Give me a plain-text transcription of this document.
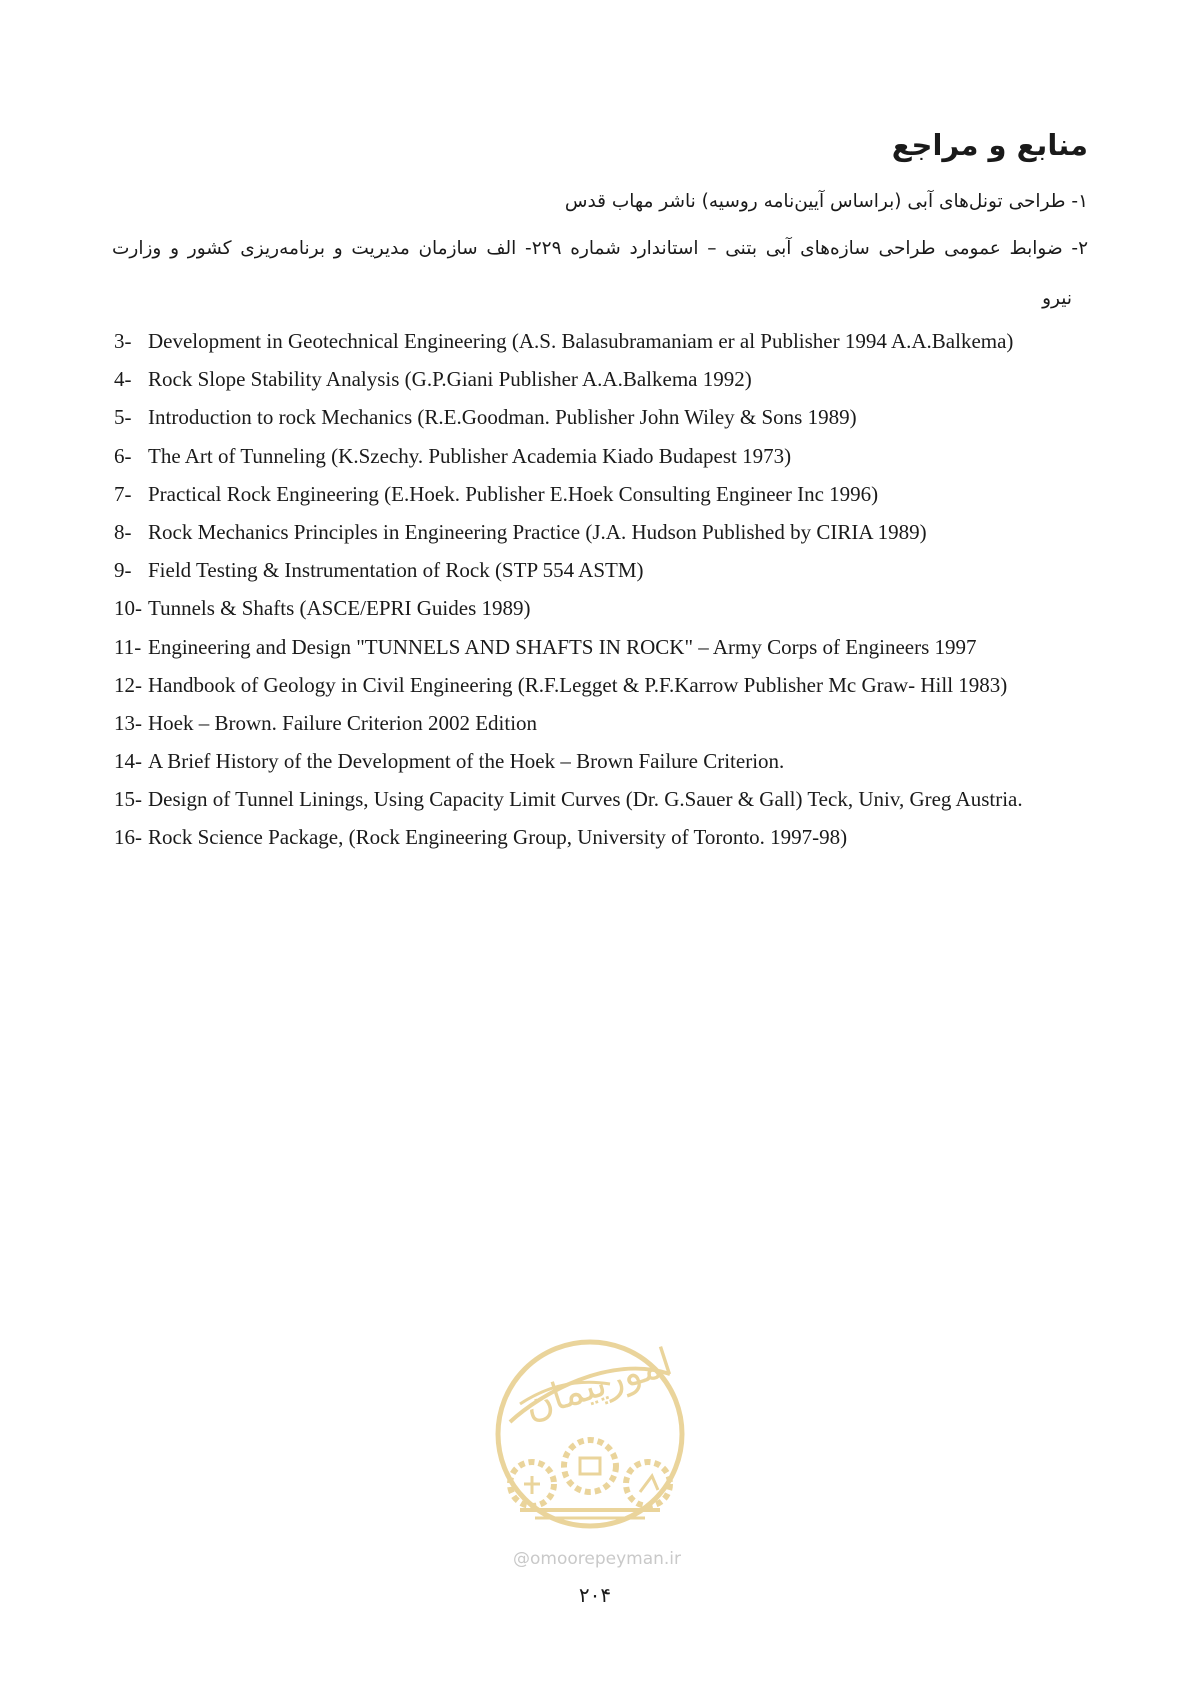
منابع و مراجع
۱- طراحی تونل‌های آبی (براساس آیین‌نامه روسیه) ناشر مهاب قدس
۲- ضوابط عمومی طراحی سازه‌های آبی بتنی – استاندارد شماره ۲۲۹- الف سازمان مدیریت و برنامه‌ریزی کشور و وزارت
نیرو
3- Development in Geotechnical Engineering (A.S. Balasubramaniam er al Publisher 1994 A.A.Balkema)
4- Rock Slope Stability Analysis (G.P.Giani Publisher A.A.Balkema 1992)
5- Introduction to rock Mechanics (R.E.Goodman. Publisher John Wiley & Sons 1989)
6- The Art of Tunneling (K.Szechy. Publisher Academia Kiado Budapest 1973)
7- Practical Rock Engineering (E.Hoek. Publisher E.Hoek Consulting Engineer Inc 1996)
8- Rock Mechanics Principles in Engineering Practice (J.A. Hudson Published by CIRIA 1989)
9- Field Testing & Instrumentation of Rock (STP 554 ASTM)
10- Tunnels & Shafts (ASCE/EPRI Guides 1989)
11- Engineering and Design "TUNNELS AND SHAFTS IN ROCK" – Army Corps of Engineers 1997
12- Handbook of Geology in Civil Engineering (R.F.Legget & P.F.Karrow Publisher Mc Graw- Hill 1983)
13- Hoek – Brown. Failure Criterion 2002 Edition
14- A Brief History of the Development of the Hoek – Brown Failure Criterion.
15- Design of Tunnel Linings, Using Capacity Limit Curves (Dr. G.Sauer & Gall) Teck, Univ, Greg Austria.
16- Rock Science Package, (Rock Engineering Group, University of Toronto. 1997-98)
امورپیمان
@omoorepeyman.ir
۲۰۴
